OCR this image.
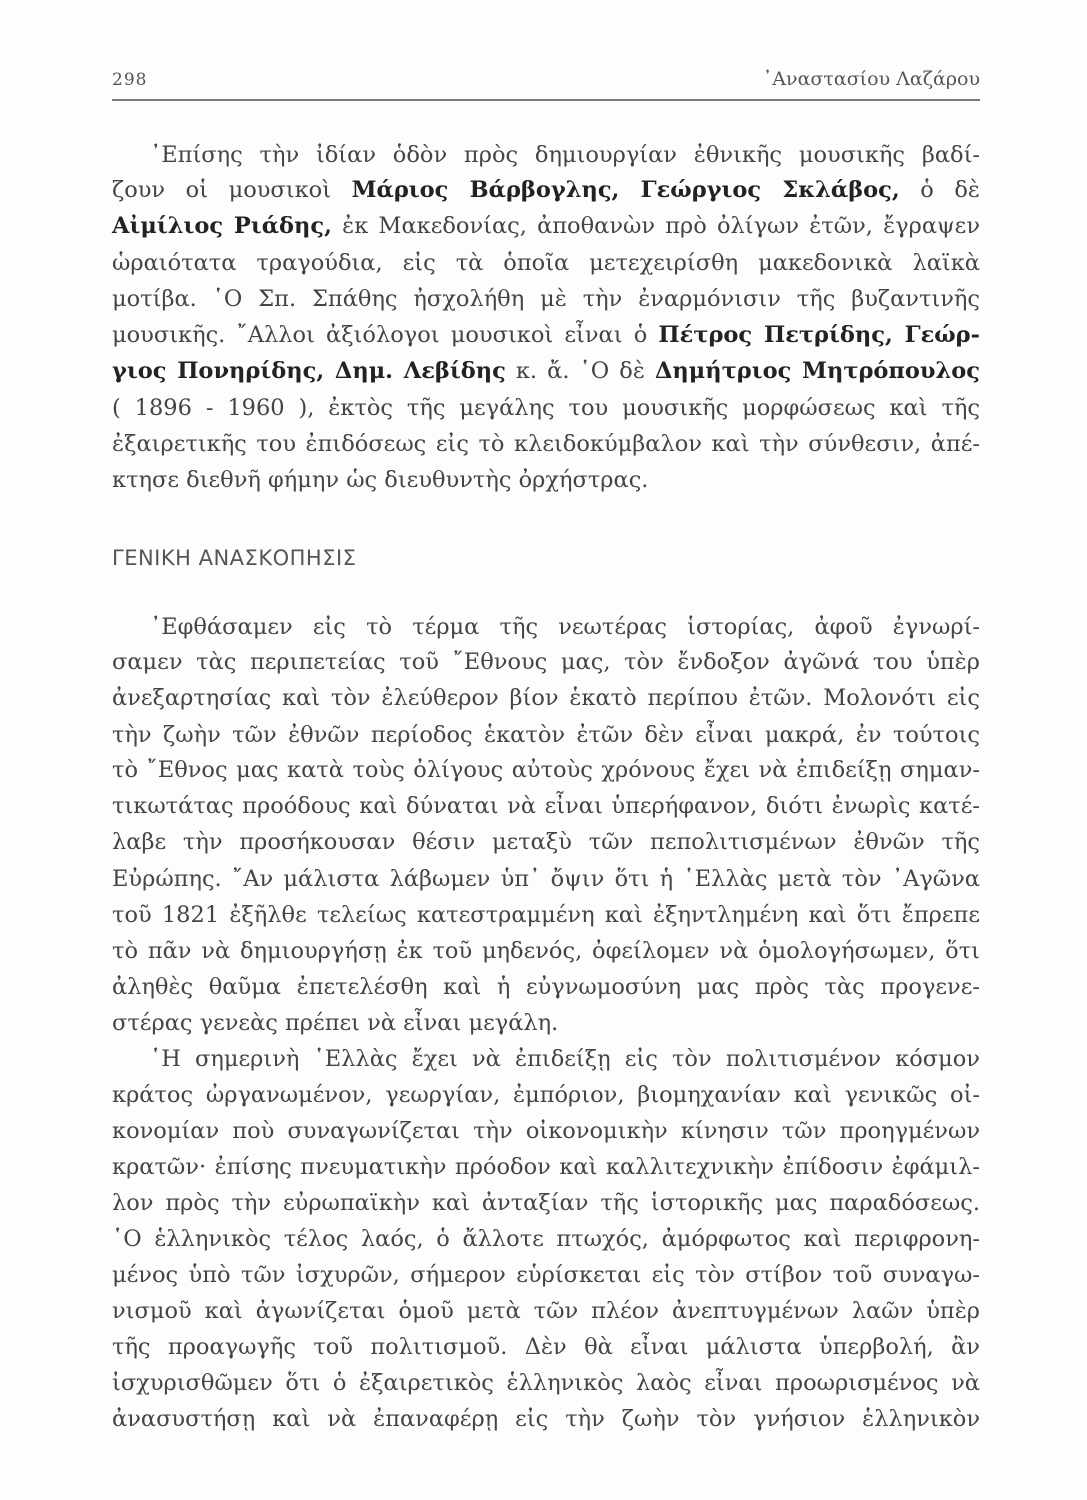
298	᾿Αναστασίου Λαζάρου
᾿Επίσης τὴν ἰδίαν ὁδὸν πρὸς δημιουργίαν ἐθνικῆς μουσικῆς βαδί-
ζουν οἱ μουσικοὶ Μάριος Βάρβογλης, Γεώργιος Σκλάβος, ὁ δὲ
Αἰμίλιος Ριάδης, ἐκ Μακεδονίας, ἀποθανὼν πρὸ ὀλίγων ἐτῶν, ἔγραψεν
ὡραιότατα τραγούδια, εἰς τὰ ὁποῖα μετεχειρίσθη μακεδονικὰ λαϊκὰ
μοτίβα. ῾Ο Σπ. Σπάθης ἠσχολήθη μὲ τὴν ἐναρμόνισιν τῆς βυζαντινῆς
μουσικῆς. ῎Αλλοι ἀξιόλογοι μουσικοὶ εἶναι ὁ Πέτρος Πετρίδης, Γεώρ-
γιος Πονηρίδης, Δημ. Λεβίδης κ. ἄ. ῾Ο δὲ Δημήτριος Μητρόπουλος
( 1896 - 1960 ), ἐκτὸς τῆς μεγάλης του μουσικῆς μορφώσεως καὶ τῆς
ἐξαιρετικῆς του ἐπιδόσεως εἰς τὸ κλειδοκύμβαλον καὶ τὴν σύνθεσιν, ἀπέ-
κτησε διεθνῆ φήμην ὡς διευθυντὴς ὀρχήστρας.
ΓΕΝΙΚΗ ΑΝΑΣΚΟΠΗΣΙΣ
᾿Εφθάσαμεν εἰς τὸ τέρμα τῆς νεωτέρας ἱστορίας, ἀφοῦ ἐγνωρί-
σαμεν τὰς περιπετείας τοῦ ῎Εθνους μας, τὸν ἔνδοξον ἀγῶνά του ὑπὲρ
ἀνεξαρτησίας καὶ τὸν ἐλεύθερον βίον ἑκατὸ περίπου ἐτῶν. Μολονότι εἰς
τὴν ζωὴν τῶν ἐθνῶν περίοδος ἑκατὸν ἐτῶν δὲν εἶναι μακρά, ἐν τούτοις
τὸ ῎Εθνος μας κατὰ τοὺς ὀλίγους αὐτοὺς χρόνους ἔχει νὰ ἐπιδείξῃ σημαν-
τικωτάτας προόδους καὶ δύναται νὰ εἶναι ὑπερήφανον, διότι ἐνωρὶς κατέ-
λαβε τὴν προσήκουσαν θέσιν μεταξὺ τῶν πεπολιτισμένων ἐθνῶν τῆς
Εὐρώπης. ῎Αν μάλιστα λάβωμεν ὑπ᾿ ὄψιν ὅτι ἡ ῾Ελλὰς μετὰ τὸν ᾿Αγῶνα
τοῦ 1821 ἐξῆλθε τελείως κατεστραμμένη καὶ ἐξηντλημένη καὶ ὅτι ἔπρεπε
τὸ πᾶν νὰ δημιουργήσῃ ἐκ τοῦ μηδενός, ὀφείλομεν νὰ ὁμολογήσωμεν, ὅτι
ἀληθὲς θαῦμα ἐπετελέσθη καὶ ἡ εὐγνωμοσύνη μας πρὸς τὰς προγενε-
στέρας γενεὰς πρέπει νὰ εἶναι μεγάλη.
῾Η σημερινὴ ῾Ελλὰς ἔχει νὰ ἐπιδείξῃ εἰς τὸν πολιτισμένον κόσμον
κράτος ὠργανωμένον, γεωργίαν, ἐμπόριον, βιομηχανίαν καὶ γενικῶς οἰ-
κονομίαν ποὺ συναγωνίζεται τὴν οἰκονομικὴν κίνησιν τῶν προηγμένων
κρατῶν· ἐπίσης πνευματικὴν πρόοδον καὶ καλλιτεχνικὴν ἐπίδοσιν ἐφάμιλ-
λον πρὸς τὴν εὐρωπαϊκὴν καὶ ἀνταξίαν τῆς ἱστορικῆς μας παραδόσεως.
῾Ο ἑλληνικὸς τέλος λαός, ὁ ἄλλοτε πτωχός, ἀμόρφωτος καὶ περιφρονη-
μένος ὑπὸ τῶν ἰσχυρῶν, σήμερον εὑρίσκεται εἰς τὸν στίβον τοῦ συναγω-
νισμοῦ καὶ ἀγωνίζεται ὁμοῦ μετὰ τῶν πλέον ἀνεπτυγμένων λαῶν ὑπὲρ
τῆς προαγωγῆς τοῦ πολιτισμοῦ. Δὲν θὰ εἶναι μάλιστα ὑπερβολή, ἂν
ἰσχυρισθῶμεν ὅτι ὁ ἐξαιρετικὸς ἑλληνικὸς λαὸς εἶναι προωρισμένος νὰ
ἀνασυστήσῃ καὶ νὰ ἐπαναφέρῃ εἰς τὴν ζωὴν τὸν γνήσιον ἑλληνικὸν
